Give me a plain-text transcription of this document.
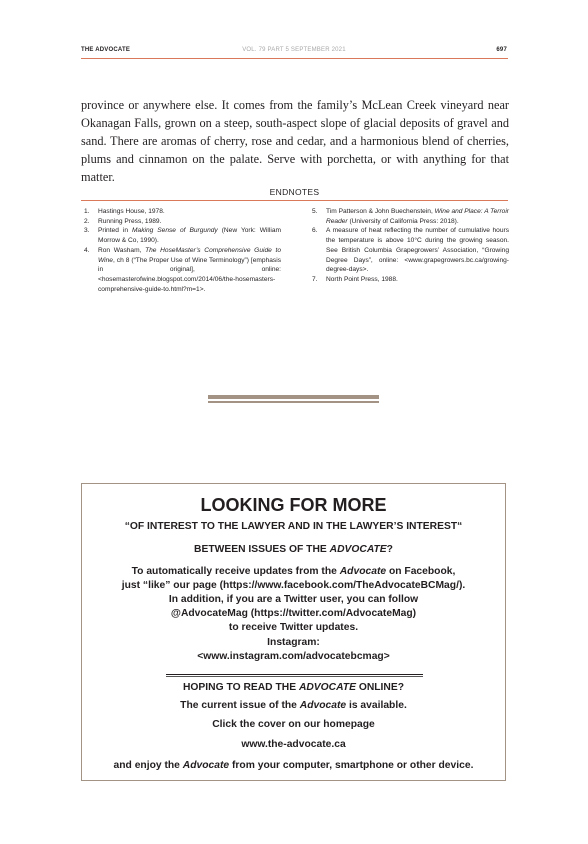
THE ADVOCATE	VOL. 79 PART 5 SEPTEMBER 2021	697
province or anywhere else. It comes from the family’s McLean Creek vineyard near Okanagan Falls, grown on a steep, south-aspect slope of glacial deposits of gravel and sand. There are aromas of cherry, rose and cedar, and a harmonious blend of cherries, plums and cinnamon on the palate. Serve with porchetta, or with anything for that matter.
ENDNOTES
1. Hastings House, 1978.
2. Running Press, 1989.
3. Printed in Making Sense of Burgundy (New York: William Morrow & Co, 1990).
4. Ron Washam, The HoseMaster’s Comprehensive Guide to Wine, ch 8 (“The Proper Use of Wine Terminology”) [emphasis in original], online: <hosemasterofwine.blogspot.com/2014/06/the-hosemasters-comprehensive-guide-to.html?m=1>.
5. Tim Patterson & John Buechenstein, Wine and Place: A Terroir Reader (University of California Press: 2018).
6. A measure of heat reflecting the number of cumulative hours the temperature is above 10°C during the growing season. See British Columbia Grapegrowers’ Association, “Growing Degree Days”, online: <www.grapegrowers.bc.ca/growing-degree-days>.
7. North Point Press, 1988.
LOOKING FOR MORE
“OF INTEREST TO THE LAWYER AND IN THE LAWYER’S INTEREST“
BETWEEN ISSUES OF THE ADVOCATE?
To automatically receive updates from the Advocate on Facebook,
just “like” our page (https://www.facebook.com/TheAdvocateBCMag/).
In addition, if you are a Twitter user, you can follow
@AdvocateMag (https://twitter.com/AdvocateMag)
to receive Twitter updates.
Instagram:
<www.instagram.com/advocatebcmag>
HOPING TO READ THE ADVOCATE ONLINE?
The current issue of the Advocate is available.
Click the cover on our homepage
www.the-advocate.ca
and enjoy the Advocate from your computer, smartphone or other device.
